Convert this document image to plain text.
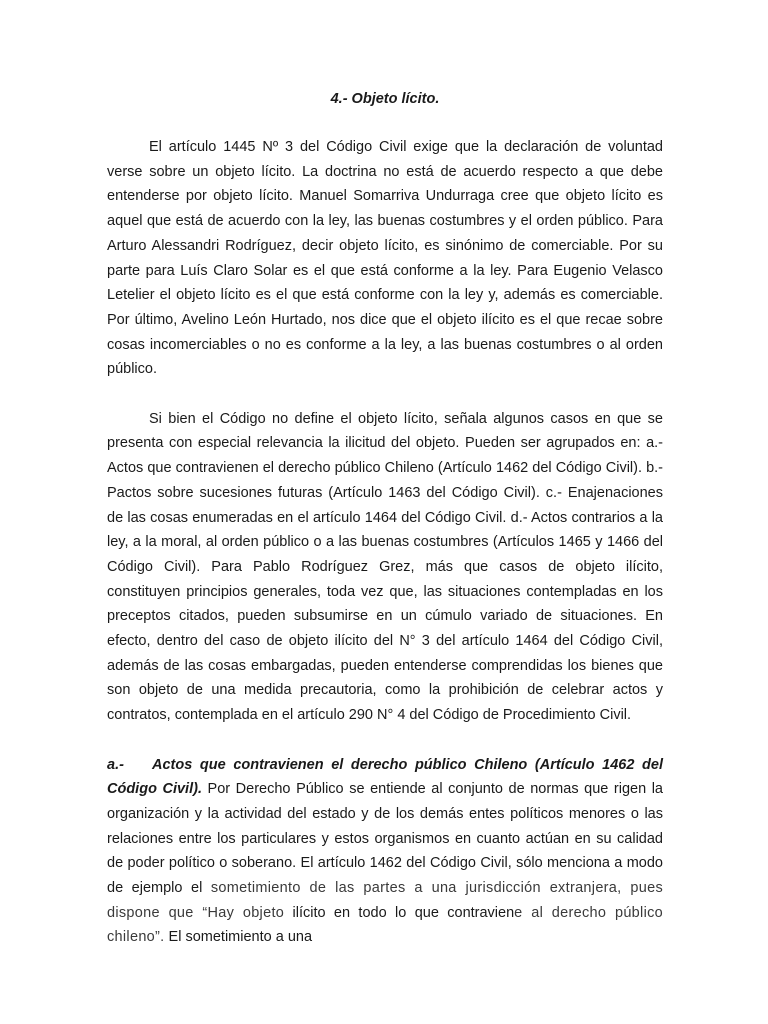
4.- Objeto lícito.

El artículo 1445 Nº 3 del Código Civil exige que la declaración de voluntad verse sobre un objeto lícito. La doctrina no está de acuerdo respecto a que debe entenderse por objeto lícito. Manuel Somarriva Undurraga cree que objeto lícito es aquel que está de acuerdo con la ley, las buenas costumbres y el orden público. Para Arturo Alessandri Rodríguez, decir objeto lícito, es sinónimo de comerciable. Por su parte para Luís Claro Solar es el que está conforme a la ley. Para Eugenio Velasco Letelier el objeto lícito es el que está conforme con la ley y, además es comerciable. Por último, Avelino León Hurtado, nos dice que el objeto ilícito es el que recae sobre cosas incomerciables o no es conforme a la ley, a las buenas costumbres o al orden público.

Si bien el Código no define el objeto lícito, señala algunos casos en que se presenta con especial relevancia la ilicitud del objeto. Pueden ser agrupados en: a.- Actos que contravienen el derecho público Chileno (Artículo 1462 del Código Civil). b.- Pactos sobre sucesiones futuras (Artículo 1463 del Código Civil). c.- Enajenaciones de las cosas enumeradas en el artículo 1464 del Código Civil. d.- Actos contrarios a la ley, a la moral, al orden público o a las buenas costumbres (Artículos 1465 y 1466 del Código Civil). Para Pablo Rodríguez Grez, más que casos de objeto ilícito, constituyen principios generales, toda vez que, las situaciones contempladas en los preceptos citados, pueden subsumirse en un cúmulo variado de situaciones. En efecto, dentro del caso de objeto ilícito del N° 3 del artículo 1464 del Código Civil, además de las cosas embargadas, pueden entenderse comprendidas los bienes que son objeto de una medida precautoria, como la prohibición de celebrar actos y contratos, contemplada en el artículo 290 N° 4 del Código de Procedimiento Civil.

a.- Actos que contravienen el derecho público Chileno (Artículo 1462 del Código Civil). Por Derecho Público se entiende al conjunto de normas que rigen la organización y la actividad del estado y de los demás entes políticos menores o las relaciones entre los particulares y estos organismos en cuanto actúan en su calidad de poder político o soberano. El artículo 1462 del Código Civil, sólo menciona a modo de ejemplo el sometimiento de las partes a una jurisdicción extranjera, pues dispone que “Hay objeto ilícito en todo lo que contraviene al derecho público chileno”. El sometimiento a una
